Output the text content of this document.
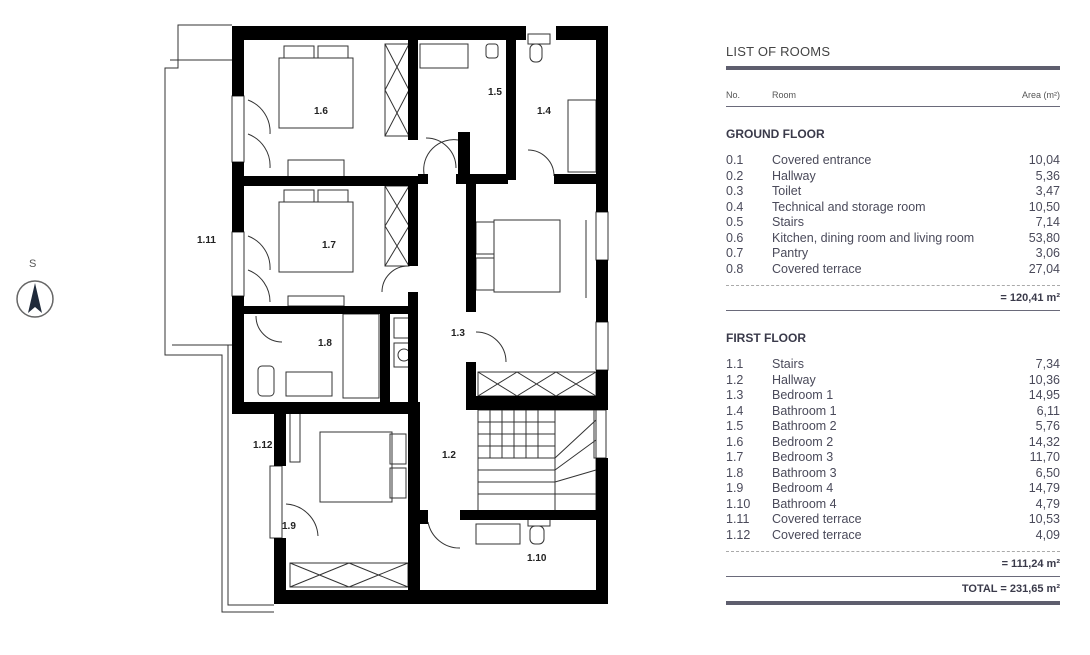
1.6
1.5
1.4
1.11	1.7
1.8
1.3
1.2
1.12
1.9
1.10
S
LIST OF ROOMS
No.	Room	Area (m²)
GROUND FLOOR
0.1	Covered entrance	10,04
0.2	Hallway	5,36
0.3	Toilet	3,47
0.4	Technical and storage room	10,50
0.5	Stairs	7,14
0.6	Kitchen, dining room and living room	53,80
0.7	Pantry	3,06
0.8	Covered terrace	27,04
= 120,41 m²
FIRST FLOOR
1.1	Stairs	7,34
1.2	Hallway	10,36
1.3	Bedroom 1	14,95
1.4	Bathroom 1	6,11
1.5	Bathroom 2	5,76
1.6	Bedroom 2	14,32
1.7	Bedroom 3	11,70
1.8	Bathroom 3	6,50
1.9	Bedroom 4	14,79
1.10	Bathroom 4	4,79
1.11	Covered terrace	10,53
1.12	Covered terrace	4,09
= 111,24 m²
TOTAL = 231,65 m²
